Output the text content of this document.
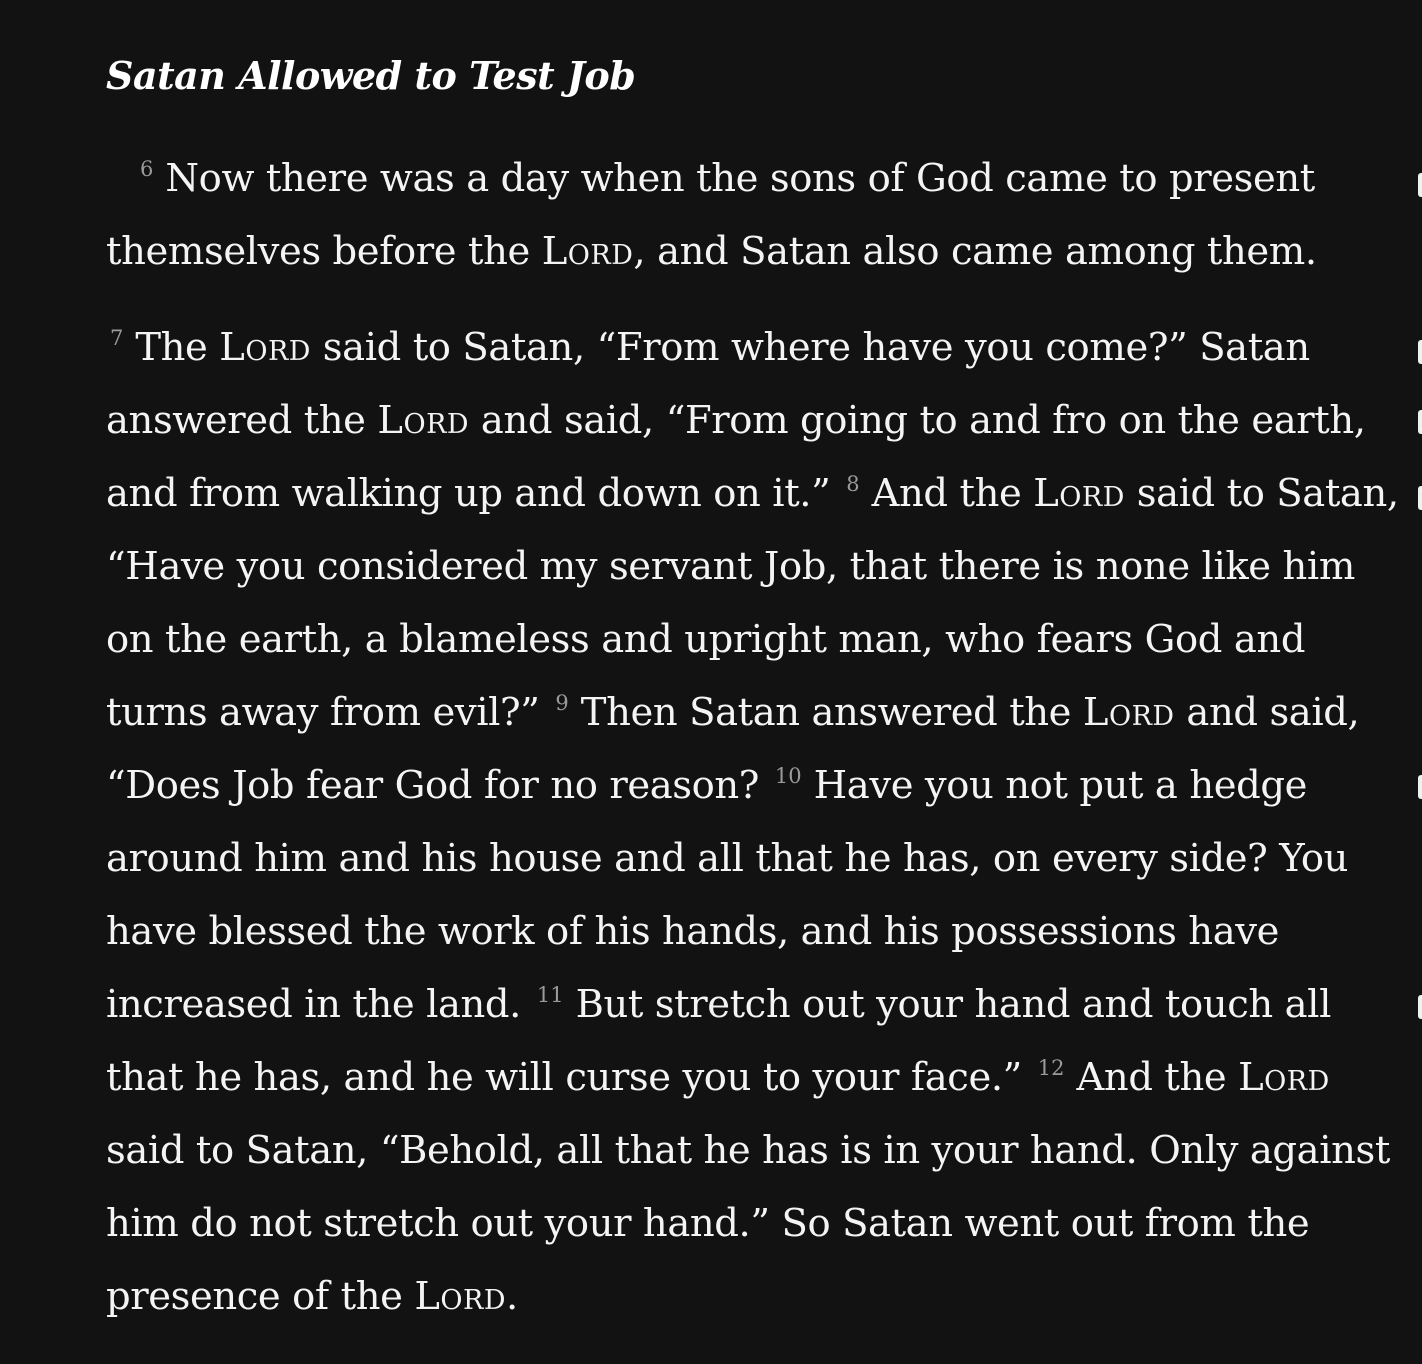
Satan Allowed to Test Job

$^6$ Now there was a day when the sons of God came to present themselves before the Lord, and Satan also came among them.

$^7$ The Lord said to Satan, “From where have you come?” Satan answered the Lord and said, “From going to and fro on the earth, and from walking up and down on it.” $^8$ And the Lord said to Satan, “Have you considered my servant Job, that there is none like him on the earth, a blameless and upright man, who fears God and turns away from evil?” $^9$ Then Satan answered the Lord and said, “Does Job fear God for no reason? $^{10}$ Have you not put a hedge around him and his house and all that he has, on every side? You have blessed the work of his hands, and his possessions have increased in the land. $^{11}$ But stretch out your hand and touch all that he has, and he will curse you to your face.” $^{12}$ And the Lord said to Satan, “Behold, all that he has is in your hand. Only against him do not stretch out your hand.” So Satan went out from the presence of the Lord.
